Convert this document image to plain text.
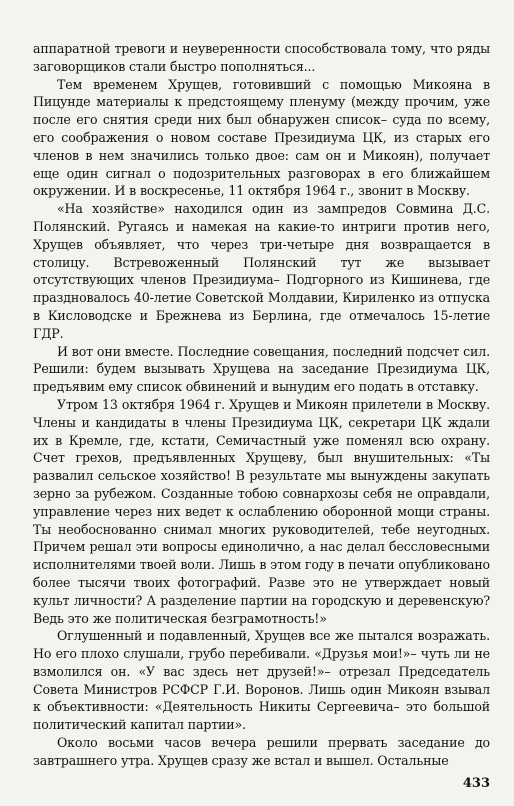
аппаратной тревоги и неуверенности способствовала тому, что ряды заговорщиков стали быстро пополняться...

Тем временем Хрущев, готовивший с помощью Микояна в Пицунде материалы к предстоящему пленуму (между прочим, уже после его снятия среди них был обнаружен список– суда по всему, его соображения о новом составе Президиума ЦК, из старых его членов в нем значились только двое: сам он и Микоян), получает еще один сигнал о подозрительных разговорах в его ближайшем окружении. И в воскресенье, 11 октября 1964 г., звонит в Москву.

«На хозяйстве» находился один из зампредов Совмина Д.С. Полянский. Ругаясь и намекая на какие-то интриги против него, Хрущев объявляет, что через три-четыре дня возвращается в столицу. Встревоженный Полянский тут же вызывает отсутствующих членов Президиума– Подгорного из Кишинева, где праздновалось 40-летие Советской Молдавии, Кириленко из отпуска в Кисловодске и Брежнева из Берлина, где отмечалось 15-летие ГДР.

И вот они вместе. Последние совещания, последний подсчет сил. Решили: будем вызывать Хрущева на заседание Президиума ЦК, предъявим ему список обвинений и вынудим его подать в отставку.

Утром 13 октября 1964 г. Хрущев и Микоян прилетели в Москву. Члены и кандидаты в члены Президиума ЦК, секретари ЦК ждали их в Кремле, где, кстати, Семичастный уже поменял всю охрану. Счет грехов, предъявленных Хрущеву, был внушительных: «Ты развалил сельское хозяйство! В результате мы вынуждены закупать зерно за рубежом. Созданные тобою совнархозы себя не оправдали, управление через них ведет к ослаблению оборонной мощи страны. Ты необоснованно снимал многих руководителей, тебе неугодных. Причем решал эти вопросы единолично, а нас делал бессловесными исполнителями твоей воли. Лишь в этом году в печати опубликовано более тысячи твоих фотографий. Разве это не утверждает новый культ личности? А разделение партии на городскую и деревенскую? Ведь это же политическая безграмотность!»

Оглушенный и подавленный, Хрущев все же пытался возражать. Но его плохо слушали, грубо перебивали. «Друзья мои!»– чуть ли не взмолился он. «У вас здесь нет друзей!»– отрезал Председатель Совета Министров РСФСР Г.И. Воронов. Лишь один Микоян взывал к объективности: «Деятельность Никиты Сергеевича– это большой политический капитал партии».

Около восьми часов вечера решили прервать заседание до завтрашнего утра. Хрущев сразу же встал и вышел. Остальные

433
